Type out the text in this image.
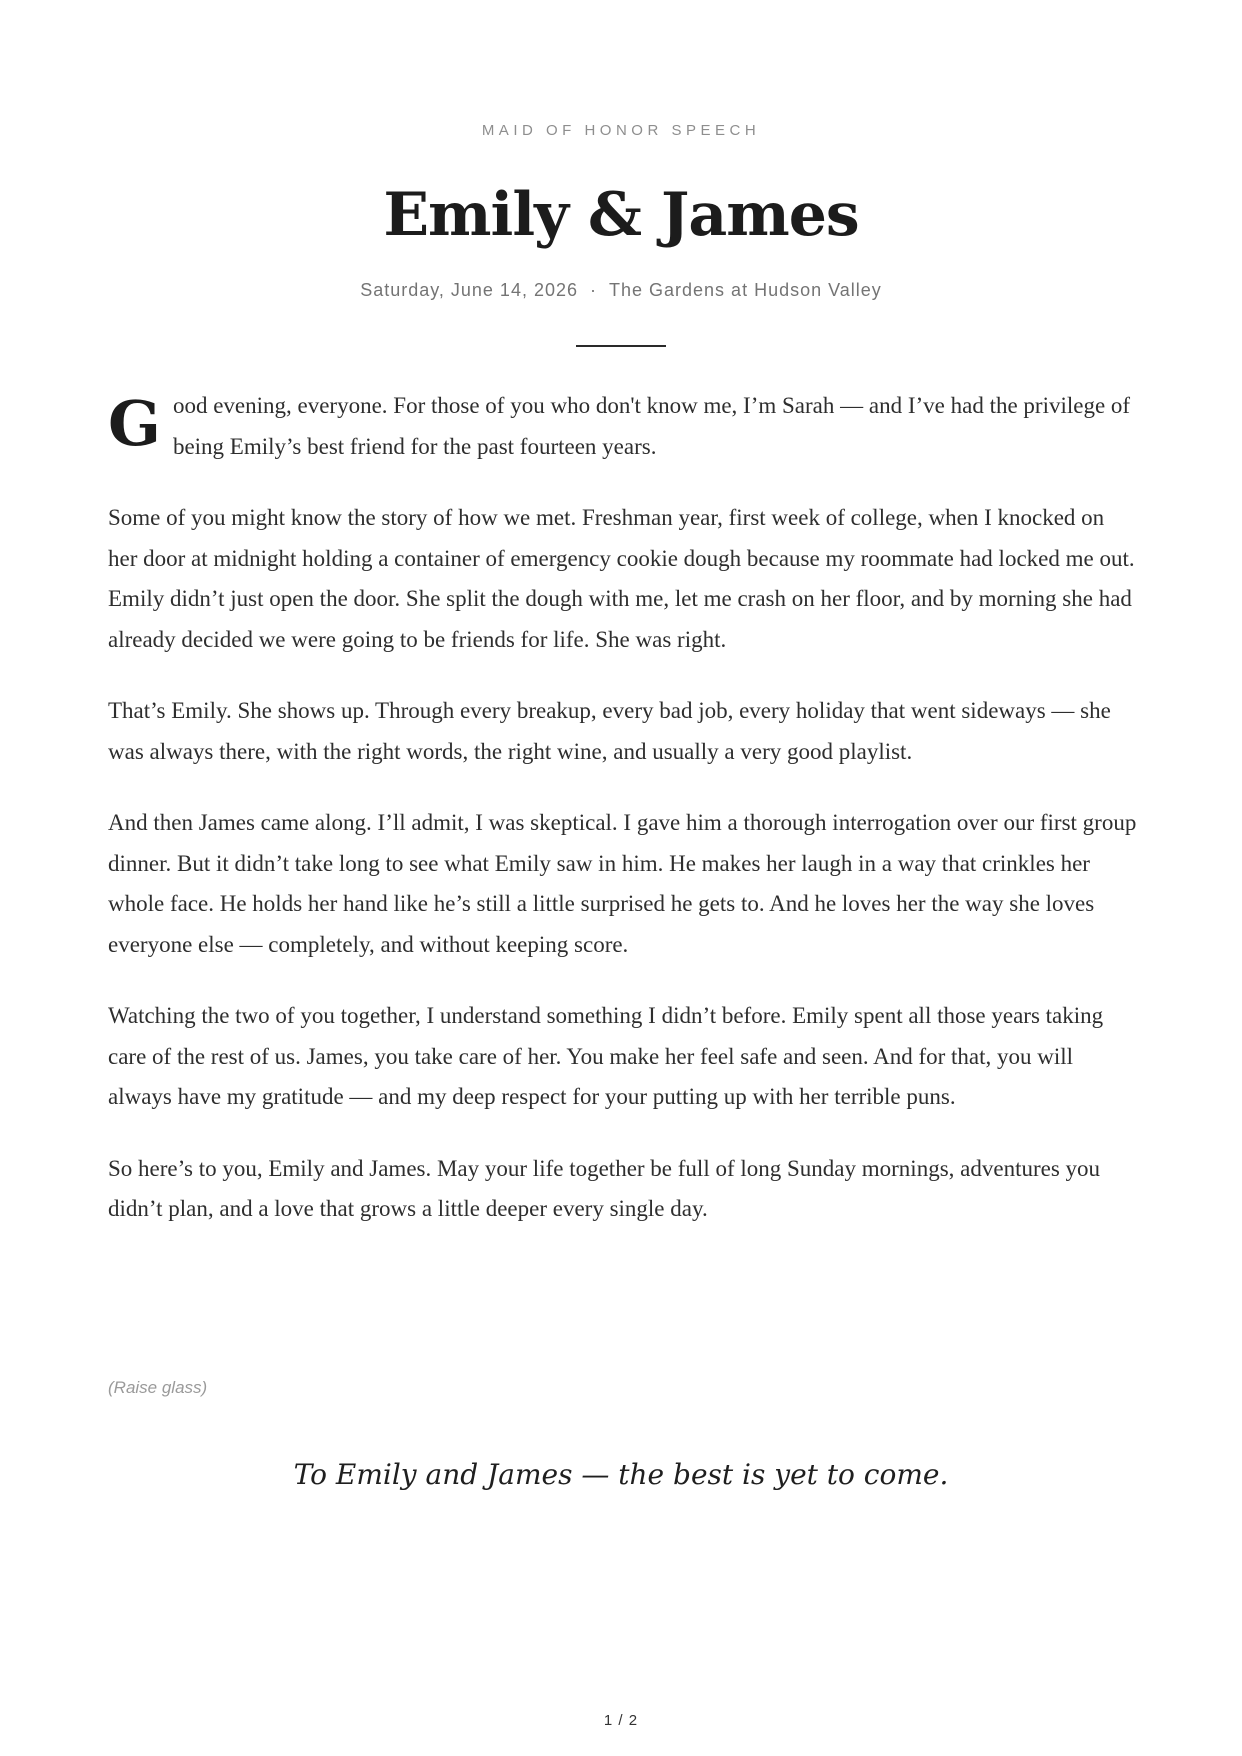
MAID OF HONOR SPEECH
Emily & James
Saturday, June 14, 2026 · The Gardens at Hudson Valley

Good evening, everyone. For those of you who don't know me, I’m Sarah — and I’ve had the privilege of being Emily’s best friend for the past fourteen years.

Some of you might know the story of how we met. Freshman year, first week of college, when I knocked on her door at midnight holding a container of emergency cookie dough because my roommate had locked me out. Emily didn’t just open the door. She split the dough with me, let me crash on her floor, and by morning she had already decided we were going to be friends for life. She was right.

That’s Emily. She shows up. Through every breakup, every bad job, every holiday that went sideways — she was always there, with the right words, the right wine, and usually a very good playlist.

And then James came along. I’ll admit, I was skeptical. I gave him a thorough interrogation over our first group dinner. But it didn’t take long to see what Emily saw in him. He makes her laugh in a way that crinkles her whole face. He holds her hand like he’s still a little surprised he gets to. And he loves her the way she loves everyone else — completely, and without keeping score.

Watching the two of you together, I understand something I didn’t before. Emily spent all those years taking care of the rest of us. James, you take care of her. You make her feel safe and seen. And for that, you will always have my gratitude — and my deep respect for your putting up with her terrible puns.

So here’s to you, Emily and James. May your life together be full of long Sunday mornings, adventures you didn’t plan, and a love that grows a little deeper every single day.

(Raise glass)
To Emily and James — the best is yet to come.
1 / 2
